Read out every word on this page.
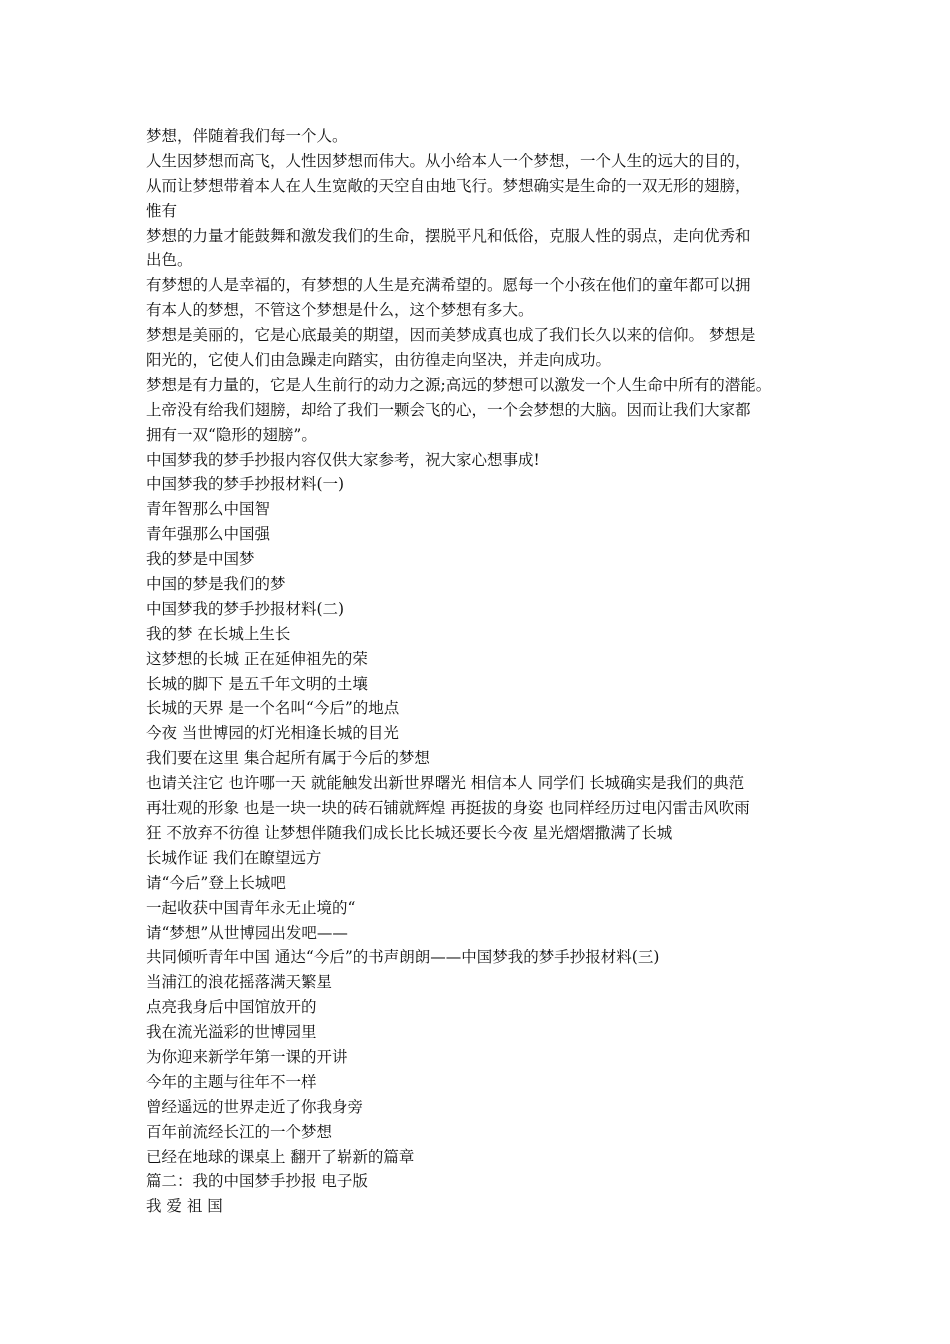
梦想，伴随着我们每一个人。
人生因梦想而高飞，人性因梦想而伟大。从小给本人一个梦想，一个人生的远大的目的，
从而让梦想带着本人在人生宽敞的天空自由地飞行。梦想确实是生命的一双无形的翅膀，
惟有
梦想的力量才能鼓舞和激发我们的生命，摆脱平凡和低俗，克服人性的弱点，走向优秀和
出色。
有梦想的人是幸福的，有梦想的人生是充满希望的。愿每一个小孩在他们的童年都可以拥
有本人的梦想，不管这个梦想是什么，这个梦想有多大。
梦想是美丽的，它是心底最美的期望，因而美梦成真也成了我们长久以来的信仰。 梦想是
阳光的，它使人们由急躁走向踏实，由彷徨走向坚决，并走向成功。
梦想是有力量的，它是人生前行的动力之源;高远的梦想可以激发一个人生命中所有的潜能。
上帝没有给我们翅膀，却给了我们一颗会飞的心，一个会梦想的大脑。因而让我们大家都
拥有一双“隐形的翅膀”。
中国梦我的梦手抄报内容仅供大家参考，祝大家心想事成!
中国梦我的梦手抄报材料(一)
青年智那么中国智
青年强那么中国强
我的梦是中国梦
中国的梦是我们的梦
中国梦我的梦手抄报材料(二)
我的梦 在长城上生长
这梦想的长城 正在延伸祖先的荣
长城的脚下 是五千年文明的土壤
长城的天界 是一个名叫“今后”的地点
今夜 当世博园的灯光相逢长城的目光
我们要在这里 集合起所有属于今后的梦想
也请关注它 也许哪一天 就能触发出新世界曙光 相信本人 同学们 长城确实是我们的典范
再壮观的形象 也是一块一块的砖石铺就辉煌 再挺拔的身姿 也同样经历过电闪雷击风吹雨
狂 不放弃不彷徨 让梦想伴随我们成长比长城还要长今夜 星光熠熠撒满了长城
长城作证 我们在瞭望远方
请“今后”登上长城吧
一起收获中国青年永无止境的“
请“梦想”从世博园出发吧——
共同倾听青年中国 通达“今后”的书声朗朗——中国梦我的梦手抄报材料(三)
当浦江的浪花摇落满天繁星
点亮我身后中国馆放开的
我在流光溢彩的世博园里
为你迎来新学年第一课的开讲
今年的主题与往年不一样
曾经遥远的世界走近了你我身旁
百年前流经长江的一个梦想
已经在地球的课桌上 翻开了崭新的篇章
篇二：我的中国梦手抄报 电子版
我 爱 祖 国
